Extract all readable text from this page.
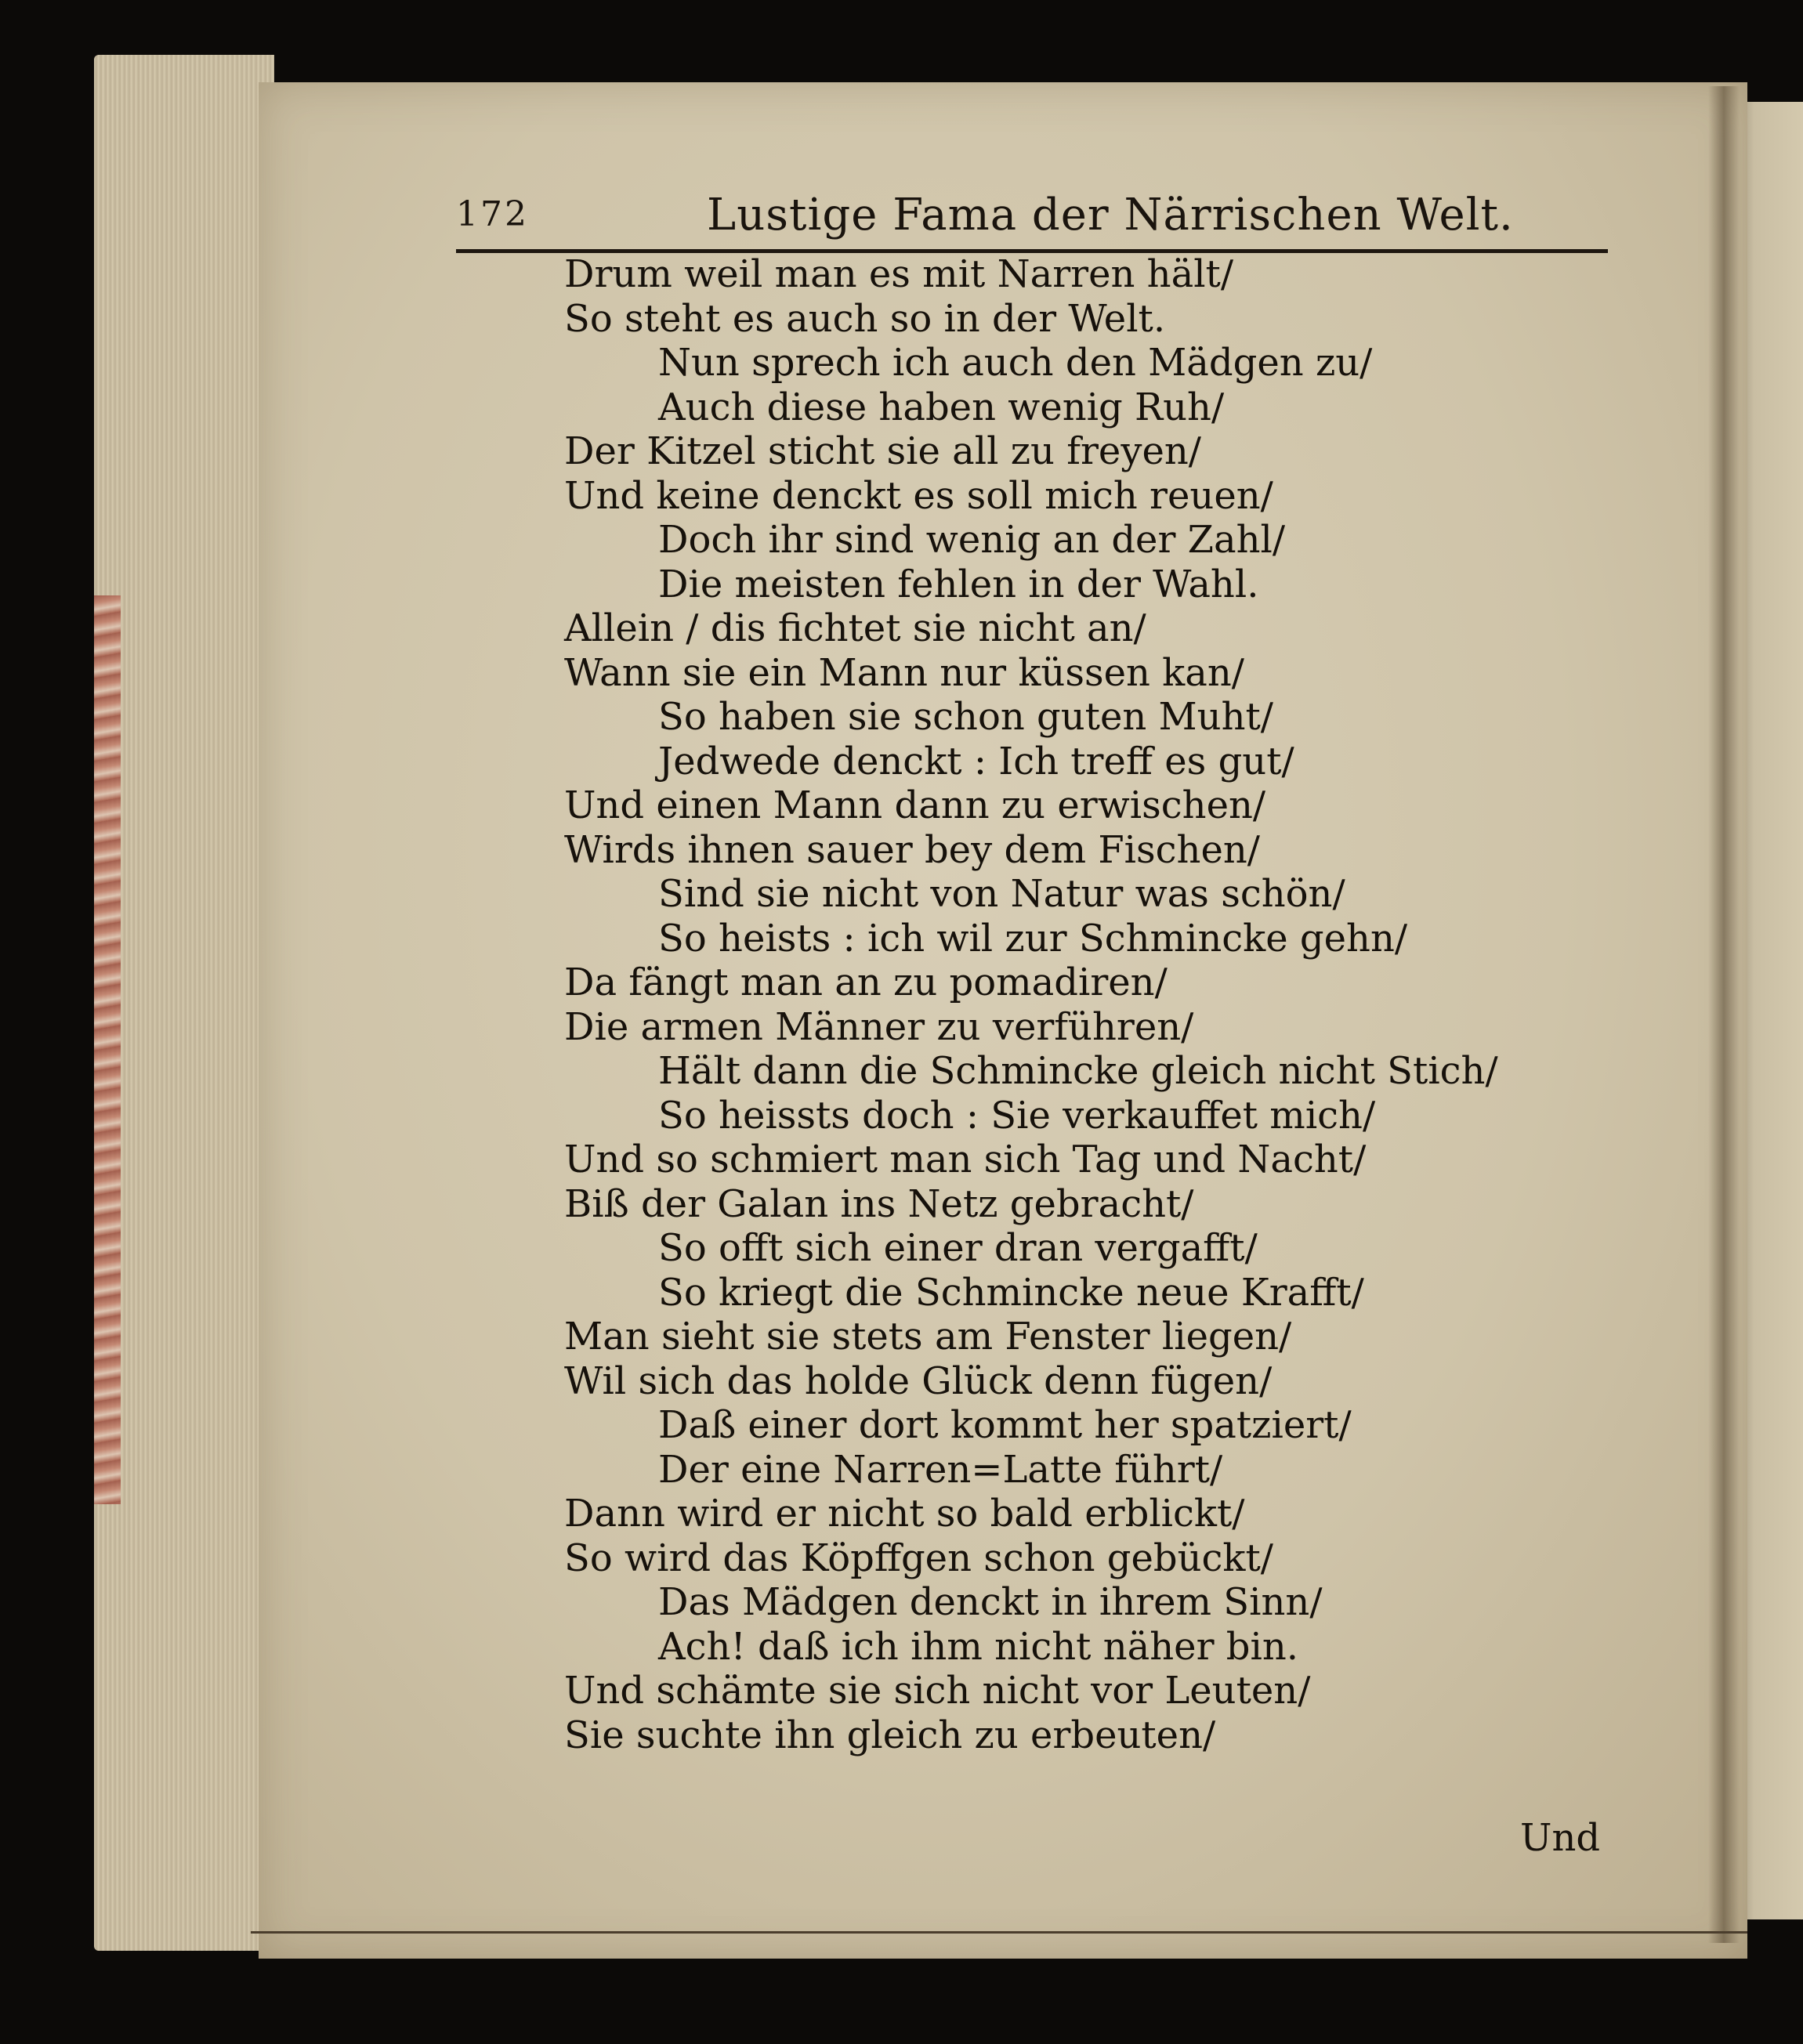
172	Lustige Fama der Närrischen Welt.
Drum weil man es mit Narren hält/
So steht es auch so in der Welt.
Nun sprech ich auch den Mädgen zu/
Auch diese haben wenig Ruh/
Der Kitzel sticht sie all zu freyen/
Und keine denckt es soll mich reuen/
Doch ihr sind wenig an der Zahl/
Die meisten fehlen in der Wahl.
Allein / dis fichtet sie nicht an/
Wann sie ein Mann nur küssen kan/
So haben sie schon guten Muht/
Jedwede denckt : Ich treff es gut/
Und einen Mann dann zu erwischen/
Wirds ihnen sauer bey dem Fischen/
Sind sie nicht von Natur was schön/
So heists : ich wil zur Schmincke gehn/
Da fängt man an zu pomadiren/
Die armen Männer zu verführen/
Hält dann die Schmincke gleich nicht Stich/
So heissts doch : Sie verkauffet mich/
Und so schmiert man sich Tag und Nacht/
Biß der Galan ins Netz gebracht/
So offt sich einer dran vergafft/
So kriegt die Schmincke neue Krafft/
Man sieht sie stets am Fenster liegen/
Wil sich das holde Glück denn fügen/
Daß einer dort kommt her spatziert/
Der eine Narren=Latte führt/
Dann wird er nicht so bald erblickt/
So wird das Köpffgen schon gebückt/
Das Mädgen denckt in ihrem Sinn/
Ach! daß ich ihm nicht näher bin.
Und schämte sie sich nicht vor Leuten/
Sie suchte ihn gleich zu erbeuten/
Und
